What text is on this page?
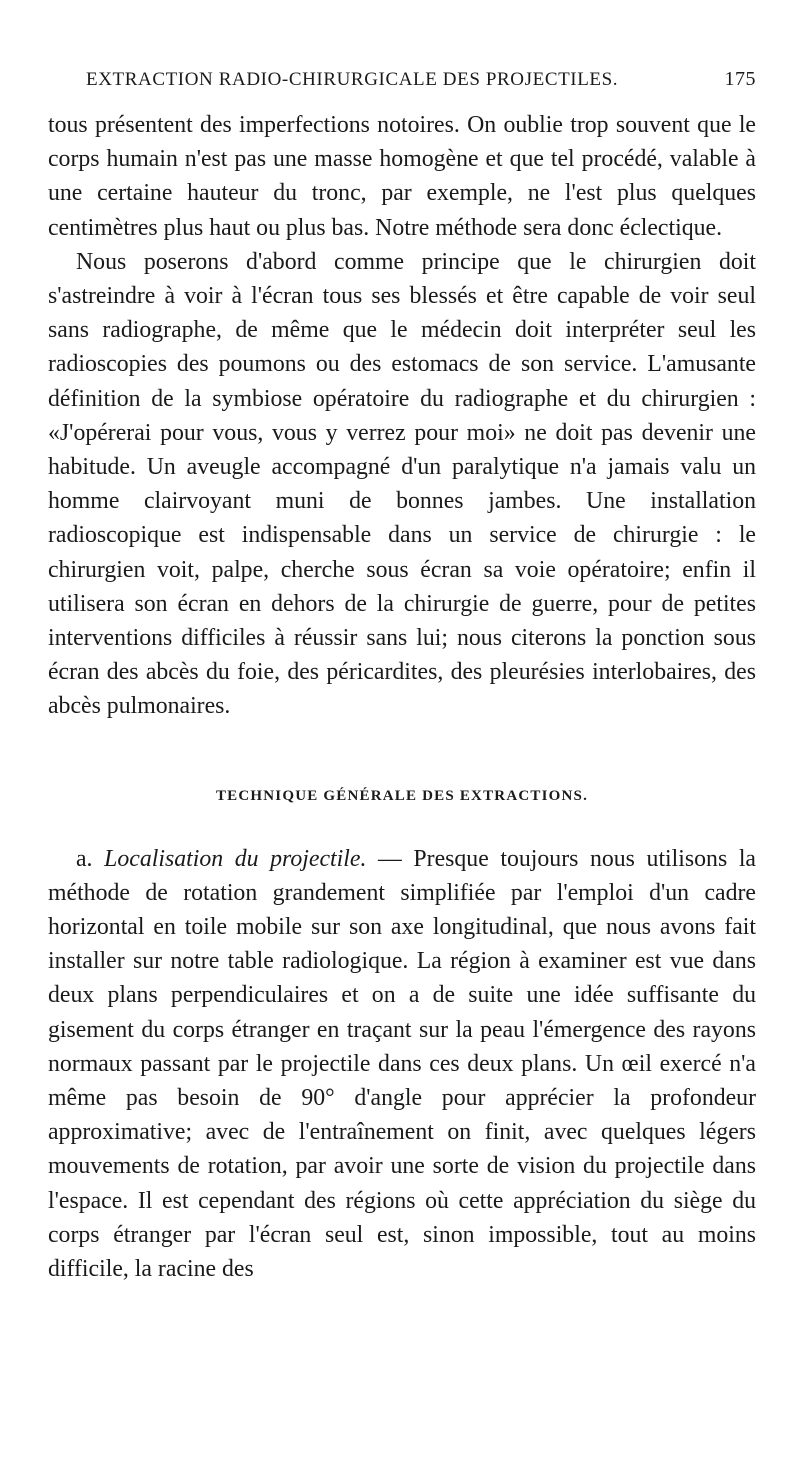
EXTRACTION RADIO-CHIRURGICALE DES PROJECTILES.	175

tous présentent des imperfections notoires. On oublie trop souvent que le corps humain n'est pas une masse homogène et que tel procédé, valable à une certaine hauteur du tronc, par exemple, ne l'est plus quelques centimètres plus haut ou plus bas. Notre méthode sera donc éclectique.

Nous poserons d'abord comme principe que le chirurgien doit s'astreindre à voir à l'écran tous ses blessés et être capable de voir seul sans radiographe, de même que le médecin doit interpréter seul les radioscopies des poumons ou des estomacs de son service. L'amusante définition de la symbiose opératoire du radiographe et du chirurgien : «J'opérerai pour vous, vous y verrez pour moi» ne doit pas devenir une habitude. Un aveugle accompagné d'un paralytique n'a jamais valu un homme clairvoyant muni de bonnes jambes. Une installation radioscopique est indispensable dans un service de chirurgie : le chirurgien voit, palpe, cherche sous écran sa voie opératoire; enfin il utilisera son écran en dehors de la chirurgie de guerre, pour de petites interventions difficiles à réussir sans lui; nous citerons la ponction sous écran des abcès du foie, des péricardites, des pleurésies interlobaires, des abcès pulmonaires.

TECHNIQUE GÉNÉRALE DES EXTRACTIONS.

a. Localisation du projectile. — Presque toujours nous utilisons la méthode de rotation grandement simplifiée par l'emploi d'un cadre horizontal en toile mobile sur son axe longitudinal, que nous avons fait installer sur notre table radiologique. La région à examiner est vue dans deux plans perpendiculaires et on a de suite une idée suffisante du gisement du corps étranger en traçant sur la peau l'émergence des rayons normaux passant par le projectile dans ces deux plans. Un œil exercé n'a même pas besoin de 90° d'angle pour apprécier la profondeur approximative; avec de l'entraînement on finit, avec quelques légers mouvements de rotation, par avoir une sorte de vision du projectile dans l'espace. Il est cependant des régions où cette appréciation du siège du corps étranger par l'écran seul est, sinon impossible, tout au moins difficile, la racine des
